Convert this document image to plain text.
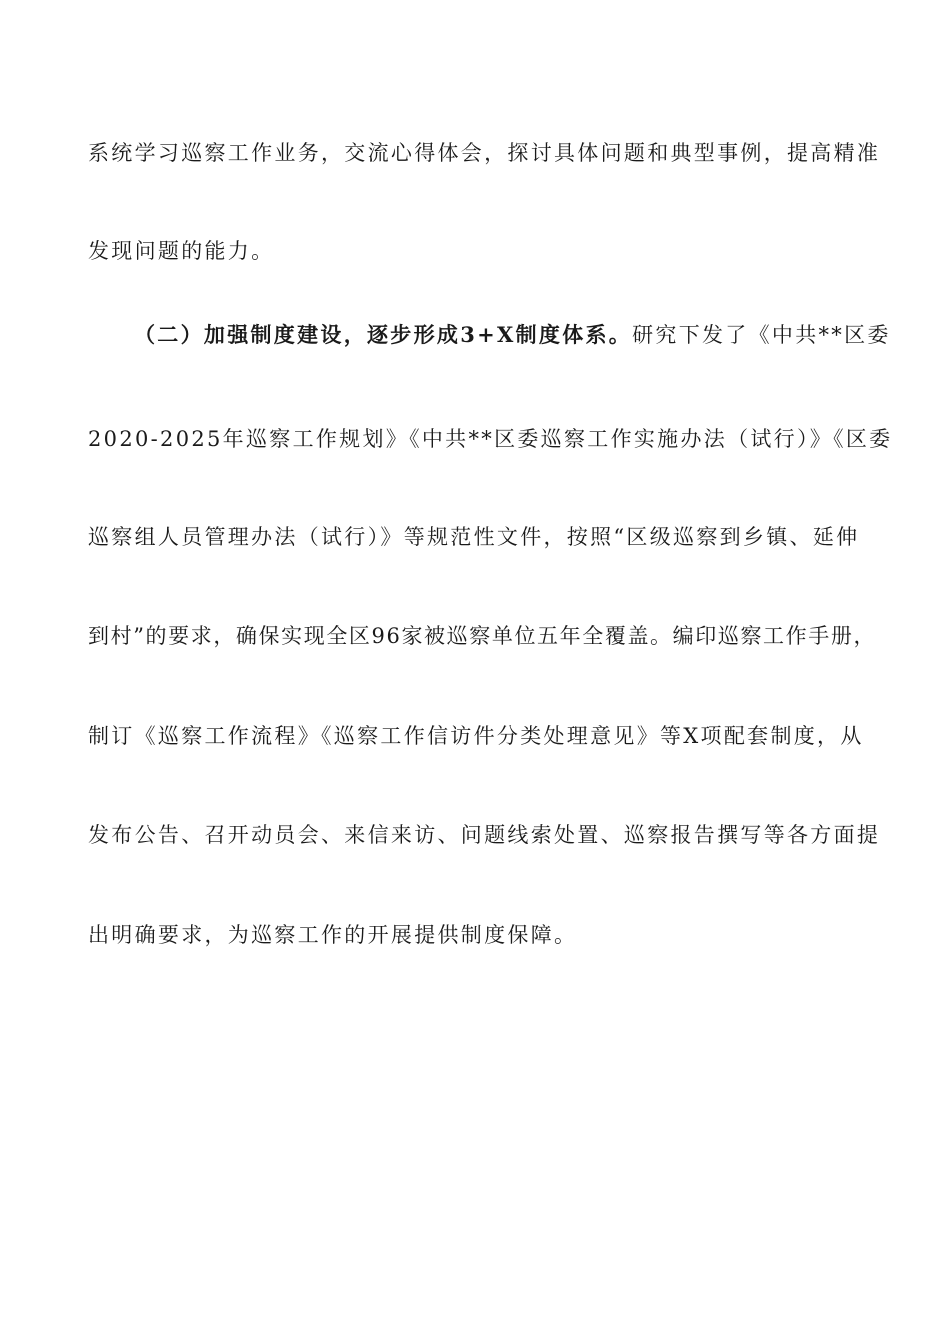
系统学习巡察工作业务，交流心得体会，探讨具体问题和典型事例，提高精准
发现问题的能力。
（二）加强制度建设，逐步形成3+X制度体系。研究下发了《中共**区委
2020-2025年巡察工作规划》《中共**区委巡察工作实施办法（试行）》《区委
巡察组人员管理办法（试行）》等规范性文件，按照“区级巡察到乡镇、延伸
到村”的要求，确保实现全区96家被巡察单位五年全覆盖。编印巡察工作手册，
制订《巡察工作流程》《巡察工作信访件分类处理意见》等X项配套制度，从
发布公告、召开动员会、来信来访、问题线索处置、巡察报告撰写等各方面提
出明确要求，为巡察工作的开展提供制度保障。
